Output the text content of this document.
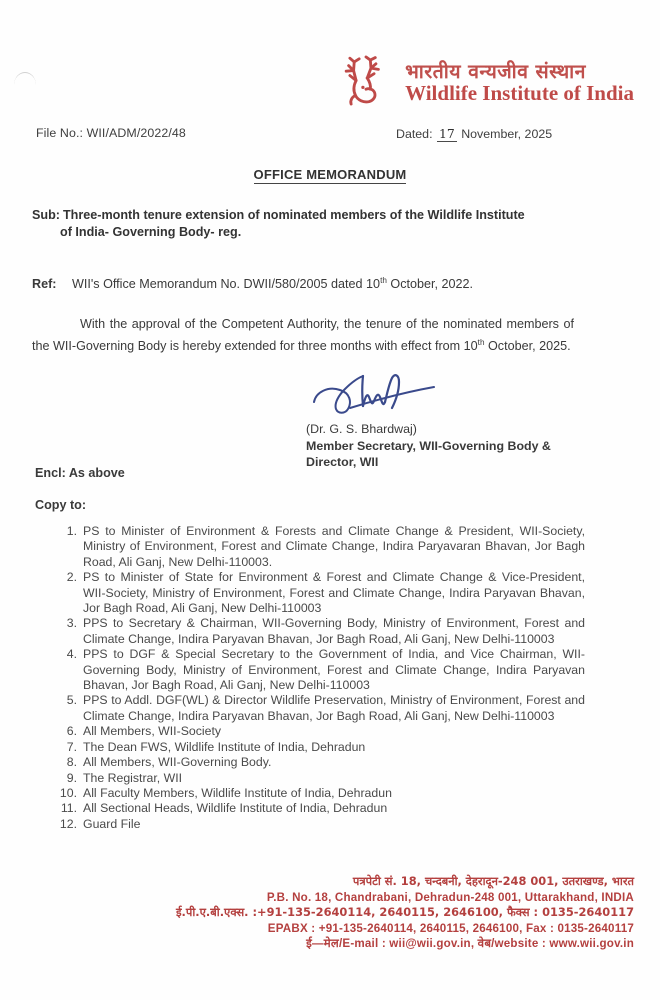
भारतीय वन्यजीव संस्थान
Wildlife Institute of India
File No.: WII/ADM/2022/48	Dated: 17 November, 2025
OFFICE MEMORANDUM
Sub: Three-month tenure extension of nominated members of the Wildlife Institute
of India- Governing Body- reg.
Ref: WII's Office Memorandum No. DWII/580/2005 dated 10th October, 2022.
With the approval of the Competent Authority, the tenure of the nominated members of the WII-Governing Body is hereby extended for three months with effect from 10th October, 2025.
(Dr. G. S. Bhardwaj)
Member Secretary, WII-Governing Body &
Director, WII
Encl: As above
Copy to:
1. PS to Minister of Environment & Forests and Climate Change & President, WII-Society, Ministry of Environment, Forest and Climate Change, Indira Paryavaran Bhavan, Jor Bagh Road, Ali Ganj, New Delhi-110003.
2. PS to Minister of State for Environment & Forest and Climate Change & Vice-President, WII-Society, Ministry of Environment, Forest and Climate Change, Indira Paryavan Bhavan, Jor Bagh Road, Ali Ganj, New Delhi-110003
3. PPS to Secretary & Chairman, WII-Governing Body, Ministry of Environment, Forest and Climate Change, Indira Paryavan Bhavan, Jor Bagh Road, Ali Ganj, New Delhi-110003
4. PPS to DGF & Special Secretary to the Government of India, and Vice Chairman, WII-Governing Body, Ministry of Environment, Forest and Climate Change, Indira Paryavan Bhavan, Jor Bagh Road, Ali Ganj, New Delhi-110003
5. PPS to Addl. DGF(WL) & Director Wildlife Preservation, Ministry of Environment, Forest and Climate Change, Indira Paryavan Bhavan, Jor Bagh Road, Ali Ganj, New Delhi-110003
6. All Members, WII-Society
7. The Dean FWS, Wildlife Institute of India, Dehradun
8. All Members, WII-Governing Body.
9. The Registrar, WII
10. All Faculty Members, Wildlife Institute of India, Dehradun
11. All Sectional Heads, Wildlife Institute of India, Dehradun
12. Guard File
पत्रपेटी सं. 18, चन्दबनी, देहरादून-248 001, उतराखण्ड, भारत
P.B. No. 18, Chandrabani, Dehradun-248 001, Uttarakhand, INDIA
ई.पी.ए.बी.एक्स. :+91-135-2640114, 2640115, 2646100, फैक्स : 0135-2640117
EPABX : +91-135-2640114, 2640115, 2646100, Fax : 0135-2640117
ई—मेल/E-mail : wii@wii.gov.in, वेब/website : www.wii.gov.in
